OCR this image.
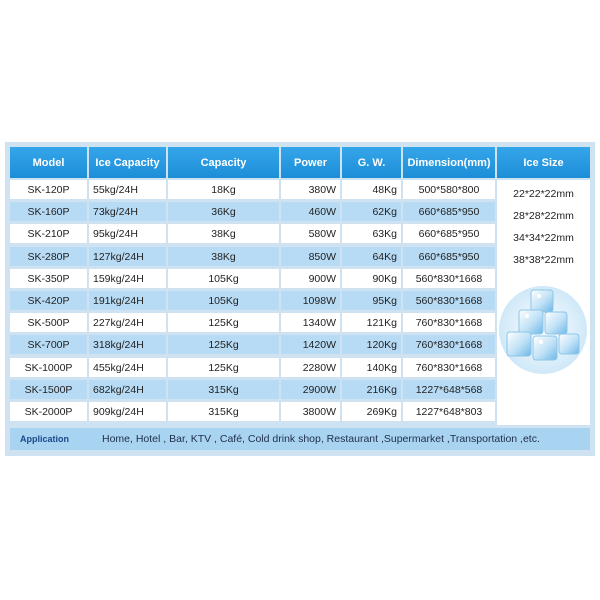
Model	Ice Capacity	Capacity	Power	G. W.	Dimension(mm)	Ice Size
SK-120P	55kg/24H	18Kg	380W	48Kg	500*580*800
SK-160P	73kg/24H	36Kg	460W	62Kg	660*685*950
SK-210P	95kg/24H	38Kg	580W	63Kg	660*685*950
SK-280P	127kg/24H	38Kg	850W	64Kg	660*685*950
SK-350P	159kg/24H	105Kg	900W	90Kg	560*830*1668
SK-420P	191kg/24H	105Kg	1098W	95Kg	560*830*1668
SK-500P	227kg/24H	125Kg	1340W	121Kg	760*830*1668
SK-700P	318kg/24H	125Kg	1420W	120Kg	760*830*1668
SK-1000P	455kg/24H	125Kg	2280W	140Kg	760*830*1668
SK-1500P	682kg/24H	315Kg	2900W	216Kg	1227*648*568
SK-2000P	909kg/24H	315Kg	3800W	269Kg	1227*648*803
22*22*22mm
28*28*22mm
34*34*22mm
38*38*22mm
Application	Home, Hotel , Bar, KTV , Café, Cold drink shop, Restaurant ,Supermarket ,Transportation ,etc.
